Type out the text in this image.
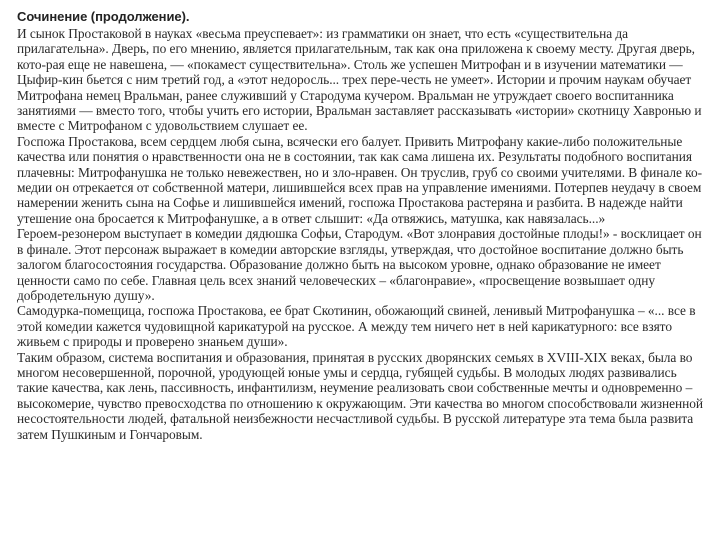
Сочинение (продолжение).

И сынок Простаковой в науках «весьма преуспевает»: из грамматики он знает, что есть «существительна да прилагательна». Дверь, по его мнению, является прилагательным, так как она приложена к своему месту. Другая дверь, кото-рая еще не навешена, — «покамест существительна». Столь же успешен Митрофан и в изучении математики — Цыфир-кин бьется с ним третий год, а «этот недоросль... трех пере-честь не умеет». Истории и прочим наукам обучает Митрофана немец Вральман, ранее служивший у Стародума кучером. Вральман не утруждает своего воспитанника занятиями — вместо того, чтобы учить его истории, Вральман заставляет рассказывать «истории» скотницу Хавронью и вместе с Митрофаном с удовольствием слушает ее.

Госпожа Простакова, всем сердцем любя сына, всячески его балует. Привить Митрофану какие-либо положительные качества или понятия о нравственности она не в состоянии, так как сама лишена их. Результаты подобного воспитания плачевны: Митрофанушка не только невежествен, но и зло-нравен. Он труслив, груб со своими учителями. В финале ко-медии он отрекается от собственной матери, лишившейся всех прав на управление имениями. Потерпев неудачу в своем намерении женить сына на Софье и лишившейся имений, госпожа Простакова растеряна и разбита. В надежде найти утешение она бросается к Митрофанушке, а в ответ слышит: «Да отвяжись, матушка, как навязалась...»

Героем-резонером выступает в комедии дядюшка Софьи, Стародум. «Вот злонравия достойные плоды!» - восклицает он в финале. Этот персонаж выражает в комедии авторские взгляды, утверждая, что достойное воспитание должно быть залогом благосостояния государства. Образование должно быть на высоком уровне, однако образование не имеет ценности само по себе. Главная цель всех знаний человеческих – «благонравие», «просвещение возвышает одну добродетельную душу».

Самодурка-помещица, госпожа Простакова, ее брат Скотинин, обожающий свиней, ленивый Митрофанушка – «... все в этой комедии кажется чудовищной карикатурой на русское. А между тем ничего нет в ней карикатурного: все взято живьем с природы и проверено знаньем души».

Таким образом, система воспитания и образования, принятая в русских дворянских семьях в XVIII-XIX веках, была во многом несовершенной, порочной, уродующей юные умы и сердца, губящей судьбы. В молодых людях развивались такие качества, как лень, пассивность, инфантилизм, неумение реализовать свои собственные мечты и одновременно – высокомерие, чувство превосходства по отношению к окружающим. Эти качества во многом способствовали жизненной несостоятельности людей, фатальной неизбежности несчастливой судьбы. В русской литературе эта тема была развита затем Пушкиным и Гончаровым.
